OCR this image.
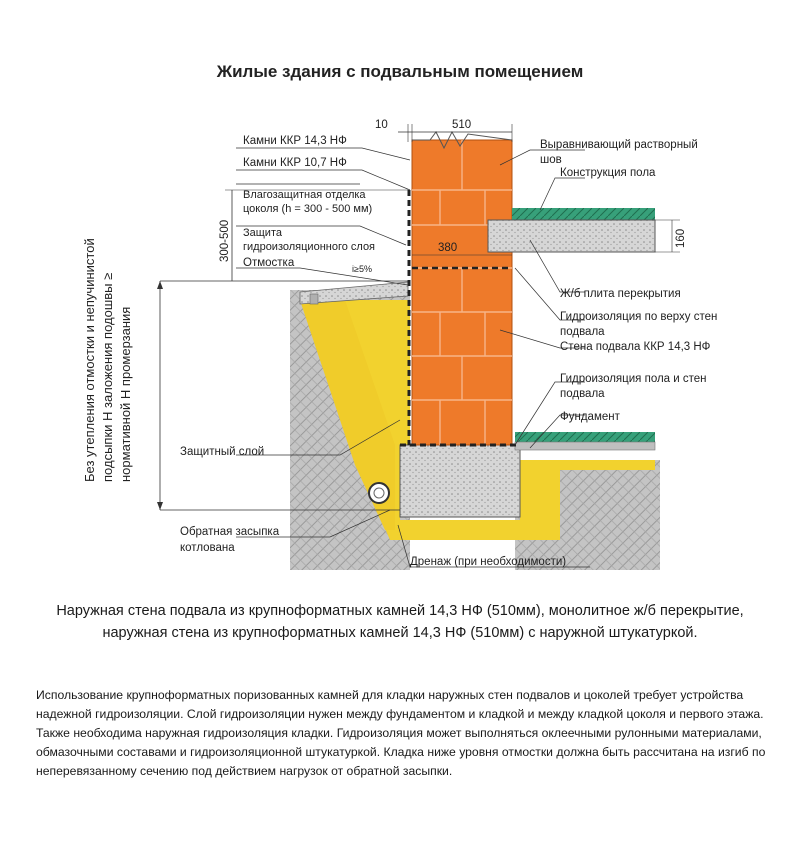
Жилые здания с подвальным помещением
300-500
10	510
380	160
i≥5%
Камни ККР 14,3 НФ
Камни ККР 10,7 НФ
Влагозащитная отделка
цоколя (h = 300 - 500 мм)
Защита
гидроизоляционного слоя
Отмостка
Защитный слой
Обратная засыпка
котлована
Выравнивающий растворный
шов
Конструкция пола
Ж/б плита перекрытия
Гидроизоляция по верху стен
подвала
Стена подвала ККР 14,3 НФ
Гидроизоляция пола и стен
подвала
Фундамент
Дренаж (при необходимости)
Без утепления отмостки и непучинистой подсыпки Н заложения подошвы ≥ нормативной Н промерзания
Наружная стена подвала из крупноформатных камней 14,3 НФ (510мм), монолитное ж/б перекрытие, наружная стена из крупноформатных камней 14,3 НФ (510мм) с наружной штукатуркой.
Использование крупноформатных поризованных камней для кладки наружных стен подвалов и цоколей требует устройства надежной гидроизоляции. Слой гидроизоляции нужен между фундаментом и кладкой и между кладкой цоколя и первого этажа. Также необходима наружная гидроизоляция кладки. Гидроизоляция может выполняться оклеечными рулонными материалами, обмазочными составами и гидроизоляционной штукатуркой. Кладка ниже уровня отмостки должна быть рассчитана на изгиб по неперевязанному сечению под действием нагрузок от обратной засыпки.
